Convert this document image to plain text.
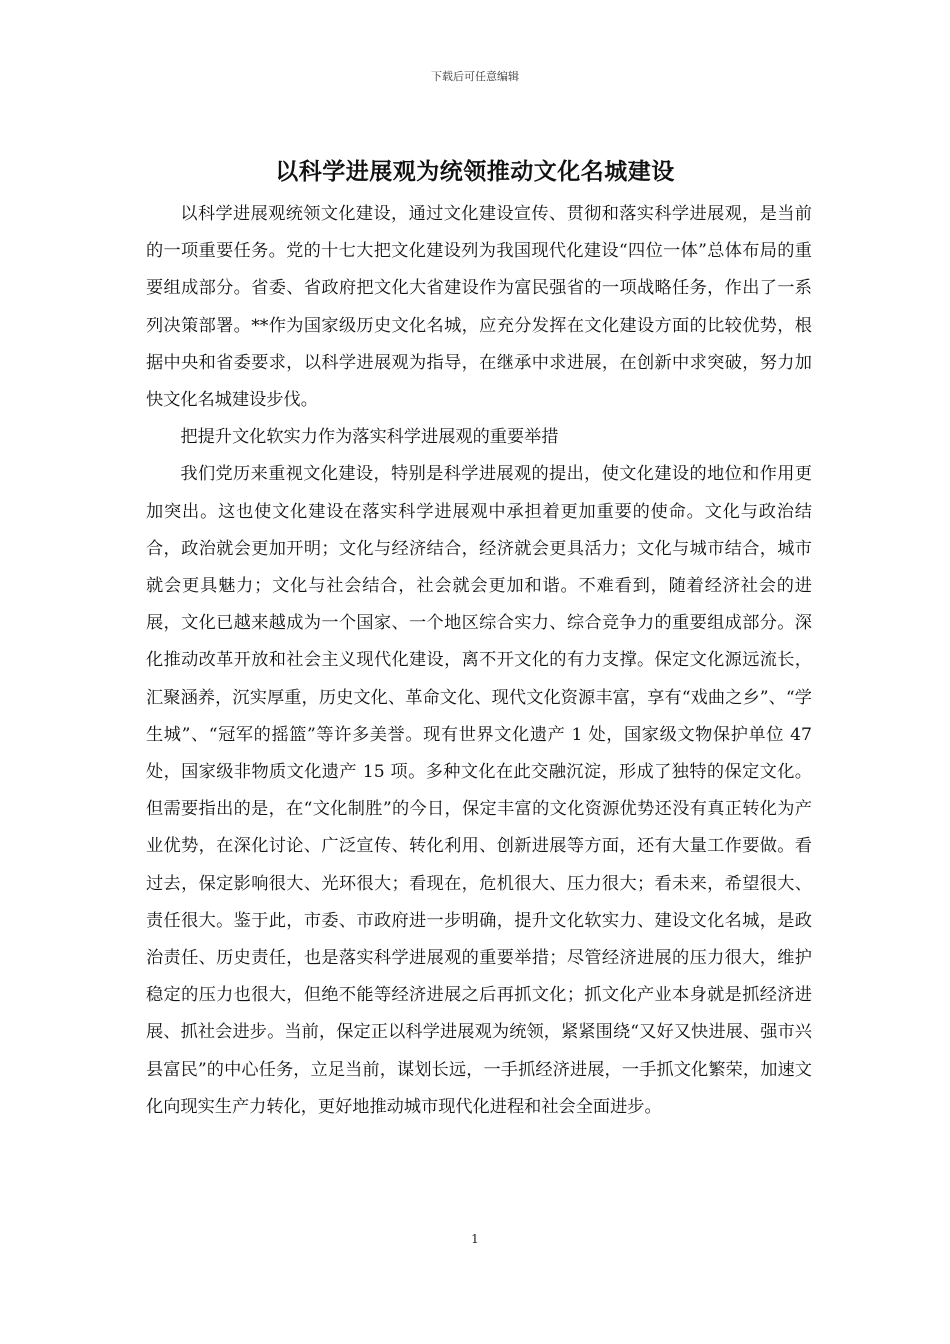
下载后可任意编辑
以科学进展观为统领推动文化名城建设

以科学进展观统领文化建设，通过文化建设宣传、贯彻和落实科学进展观，是当前的一项重要任务。党的十七大把文化建设列为我国现代化建设“四位一体”总体布局的重要组成部分。省委、省政府把文化大省建设作为富民强省的一项战略任务，作出了一系列决策部署。**作为国家级历史文化名城，应充分发挥在文化建设方面的比较优势，根据中央和省委要求，以科学进展观为指导，在继承中求进展，在创新中求突破，努力加快文化名城建设步伐。

把提升文化软实力作为落实科学进展观的重要举措

我们党历来重视文化建设，特别是科学进展观的提出，使文化建设的地位和作用更加突出。这也使文化建设在落实科学进展观中承担着更加重要的使命。文化与政治结合，政治就会更加开明；文化与经济结合，经济就会更具活力；文化与城市结合，城市就会更具魅力；文化与社会结合，社会就会更加和谐。不难看到，随着经济社会的进展，文化已越来越成为一个国家、一个地区综合实力、综合竞争力的重要组成部分。深化推动改革开放和社会主义现代化建设，离不开文化的有力支撑。保定文化源远流长，汇聚涵养，沉实厚重，历史文化、革命文化、现代文化资源丰富，享有“戏曲之乡”、“学生城”、“冠军的摇篮”等许多美誉。现有世界文化遗产 1 处，国家级文物保护单位 47 处，国家级非物质文化遗产 15 项。多种文化在此交融沉淀，形成了独特的保定文化。但需要指出的是，在“文化制胜”的今日，保定丰富的文化资源优势还没有真正转化为产业优势，在深化讨论、广泛宣传、转化利用、创新进展等方面，还有大量工作要做。看过去，保定影响很大、光环很大；看现在，危机很大、压力很大；看未来，希望很大、责任很大。鉴于此，市委、市政府进一步明确，提升文化软实力、建设文化名城，是政治责任、历史责任，也是落实科学进展观的重要举措；尽管经济进展的压力很大，维护稳定的压力也很大，但绝不能等经济进展之后再抓文化；抓文化产业本身就是抓经济进展、抓社会进步。当前，保定正以科学进展观为统领，紧紧围绕“又好又快进展、强市兴县富民”的中心任务，立足当前，谋划长远，一手抓经济进展，一手抓文化繁荣，加速文化向现实生产力转化，更好地推动城市现代化进程和社会全面进步。

1
